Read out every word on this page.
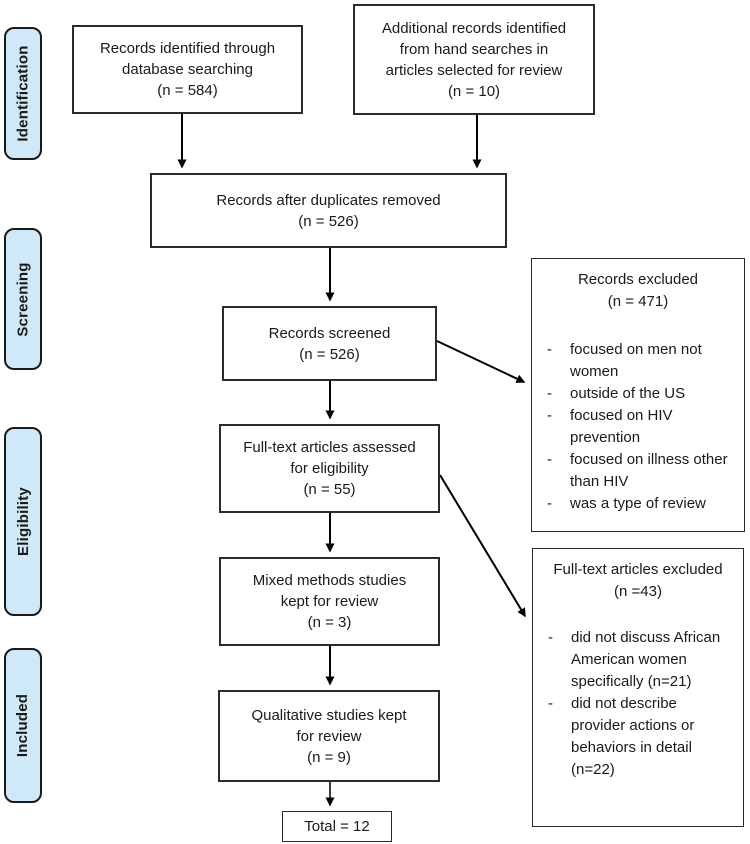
Identification
Screening
Eligibility
Included
Records identified through
database searching
(n = 584)
Additional records identified
from hand searches in
articles selected for review
(n = 10)
Records after duplicates removed
(n = 526)
Records screened
(n = 526)
Full-text articles assessed
for eligibility
(n = 55)
Mixed methods studies
kept for review
(n = 3)
Qualitative studies kept
for review
(n = 9)
Total = 12
Records excluded
(n = 471)
-	focused on men not women
-	outside of the US
-	focused on HIV prevention
-	focused on illness other than HIV
-	was a type of review
Full-text articles excluded
(n =43)
-	did not discuss African American women specifically (n=21)
-	did not describe provider actions or behaviors in detail (n=22)
